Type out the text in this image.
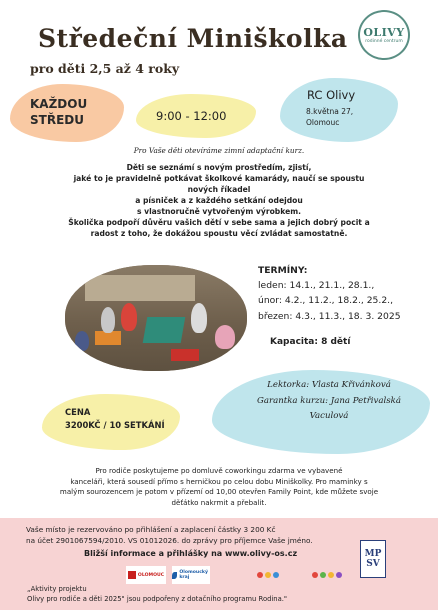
Středeční Miniškolka
pro děti 2,5 až 4 roky
OLIVY
rodinné centrum
KAŽDOU
STŘEDU	9:00 - 12:00
RC Olivy
8.května 27,
Olomouc
Pro Vaše děti otevíráme zimní adaptační kurz.
Děti se seznámí s novým prostředím, zjistí,
jaké to je pravidelně potkávat školkové kamarády, naučí se spoustu
nových říkadel
a písniček a z každého setkání odejdou
s vlastnoručně vytvořeným výrobkem.
Školička podpoří důvěru vašich dětí v sebe sama a jejich dobrý pocit a
radost z toho, že dokážou spoustu věcí zvládat samostatně.
TERMÍNY:
leden: 14.1., 21.1., 28.1.,
únor: 4.2., 11.2., 18.2., 25.2.,
březen: 4.3., 11.3., 18. 3. 2025
Kapacita: 8 dětí
Lektorka: Vlasta Křivánková
Garantka kurzu: Jana Petřivalská
Vaculová
CENA
3200KČ / 10 SETKÁNÍ
Pro rodiče poskytujeme po domluvě coworkingu zdarma ve vybavené
kanceláři, která sousedí přímo s herničkou po celou dobu Miniškolky. Pro maminky s
malým sourozencem je potom v přízemí od 10,00 otevřen Family Point, kde můžete svoje
děťátko nakrmit a přebalit.
Vaše místo je rezervováno po přihlášení a zaplacení částky 3 200 Kč
na účet 2901067594/2010. VS 01012026. do zprávy pro příjemce Vaše jméno.
Bližší informace a přihlášky na www.olivy-os.cz	MP
SV
OLOMOUC	Olomoucký kraj
„Aktivity projektu
Olivy pro rodiče a děti 2025" jsou podpořeny z dotačního programu Rodina."
